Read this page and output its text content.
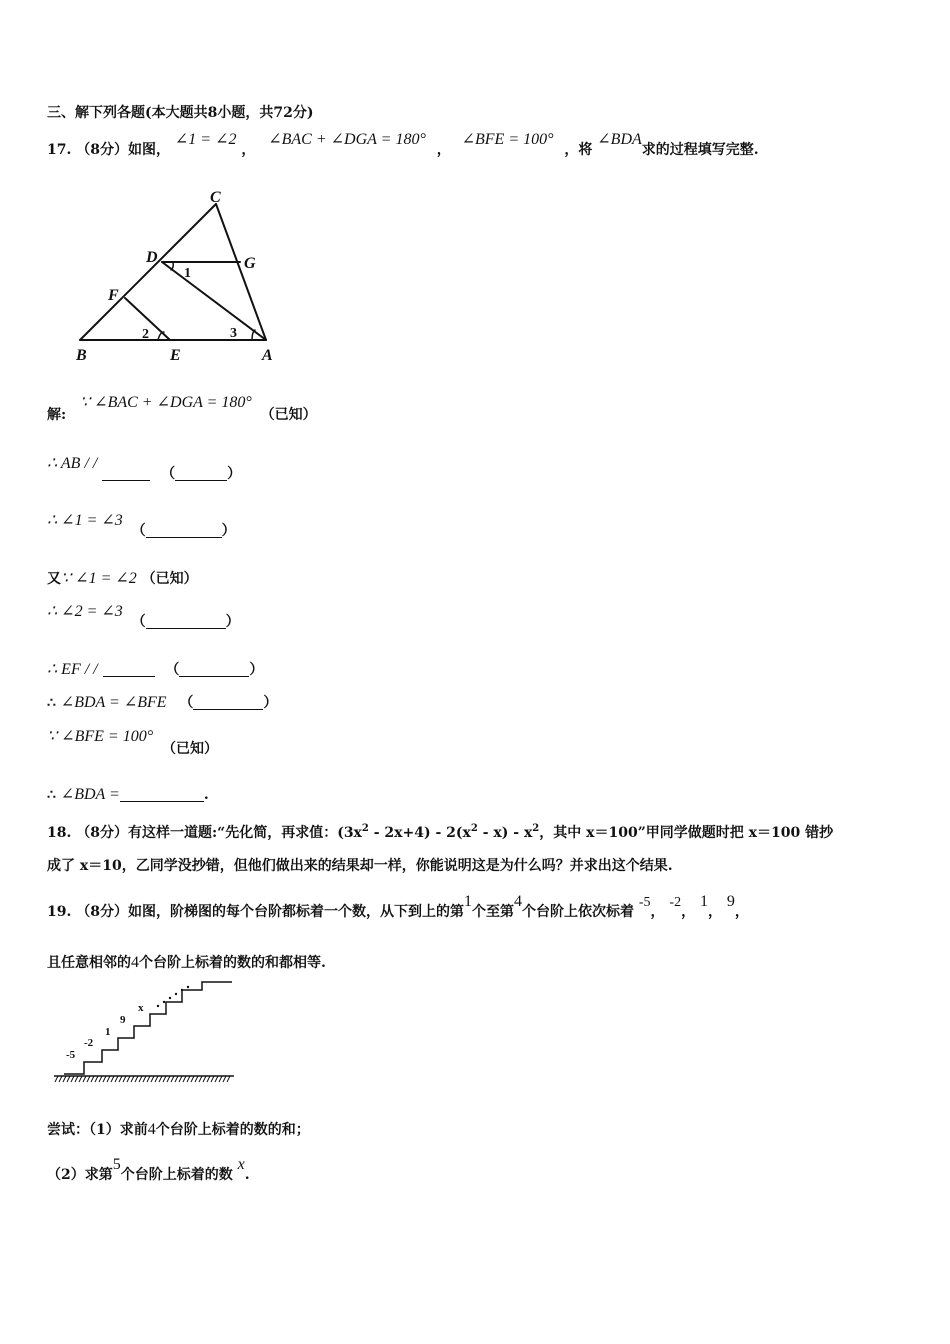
三、解下列各题(本大题共8小题，共72分)
17. （8分）如图， ∠1 = ∠2 ， ∠BAC + ∠DGA = 180° ， ∠BFE = 100° ，将 ∠BDA求的过程填写完整.
C
D	G
F
B	E	A
1
2	3
解:
∵ ∠BAC + ∠DGA = 180° （已知）
∴ AB / /  （	）
∴ ∠1 = ∠3 （	）
又∵ ∠1 = ∠2 （已知）
∴ ∠2 = ∠3 （	）
∴ EF / /	（	）
∴ ∠BDA = ∠BFE （	）
∵ ∠BFE = 100° （已知）
∴ ∠BDA =	.
18. （8分）有这样一道题:“先化简，再求值：$(3x^2 - 2x+4) - 2(x^2 - x) - x^2$，其中 x＝100”甲同学做题时把 x＝100 错抄
成了 x＝10，乙同学没抄错，但他们做出来的结果却一样，你能说明这是为什么吗？并求出这个结果.
19. （8分）如图，阶梯图的每个台阶都标着一个数，从下到上的第1个至第4个台阶上依次标着 -5， -2， 1， 9，
且任意相邻的4个台阶上标着的数的和都相等.
-5
-2
1
9
x
尝试：（1）求前4个台阶上标着的数的和；
（2）求第5个台阶上标着的数 x.
